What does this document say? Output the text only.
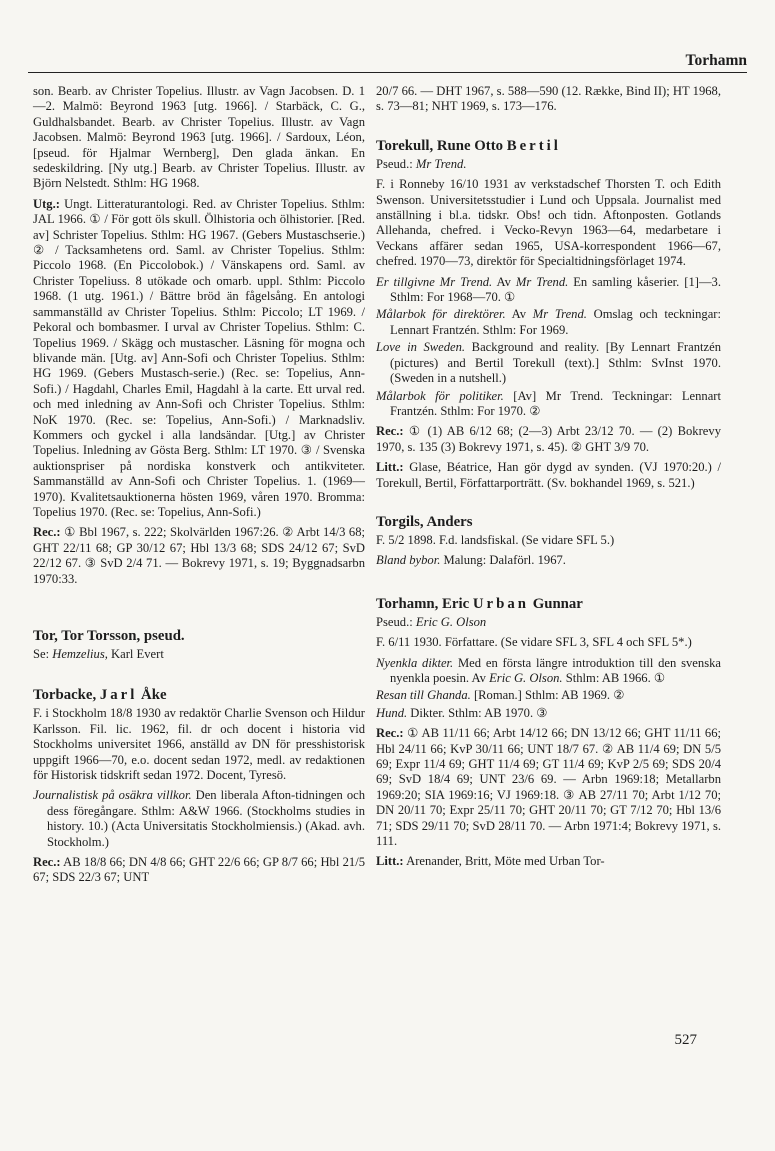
Torhamn

son. Bearb. av Christer Topelius. Illustr. av Vagn Jacobsen. D. 1—2. Malmö: Beyrond 1963 [utg. 1966]. / Starbäck, C. G., Guldhalsbandet. Bearb. av Christer Topelius. Illustr. av Vagn Jacobsen. Malmö: Beyrond 1963 [utg. 1966]. / Sardoux, Léon, [pseud. för Hjalmar Wernberg], Den glada änkan. En sedeskildring. [Ny utg.] Bearb. av Christer Topelius. Illustr. av Björn Nelstedt. Sthlm: HG 1968.

Utg.: Ungt. Litteraturantologi. Red. av Christer Topelius. Sthlm: JAL 1966. ① / För gott öls skull. Ölhistoria och ölhistorier. [Red. av] Schrister Topelius. Sthlm: HG 1967. (Gebers Mustaschserie.) ② / Tacksamhetens ord. Saml. av Christer Topelius. Sthlm: Piccolo 1968. (En Piccolobok.) / Vänskapens ord. Saml. av Christer Topeliuss. 8 utökade och omarb. uppl. Sthlm: Piccolo 1968. (1 utg. 1961.) / Bättre bröd än fågelsång. En antologi sammanställd av Christer Topelius. Sthlm: Piccolo; LT 1969. / Pekoral och bombasmer. I urval av Christer Topelius. Sthlm: C. Topelius 1969. / Skägg och mustascher. Läsning för mogna och blivande män. [Utg. av] Ann-Sofi och Christer Topelius. Sthlm: HG 1969. (Gebers Mustasch-serie.) (Rec. se: Topelius, Ann-Sofi.) / Hagdahl, Charles Emil, Hagdahl à la carte. Ett urval red. och med inledning av Ann-Sofi och Christer Topelius. Sthlm: NoK 1970. (Rec. se: Topelius, Ann-Sofi.) / Marknadsliv. Kommers och gyckel i alla landsändar. [Utg.] av Christer Topelius. Inledning av Gösta Berg. Sthlm: LT 1970. ③ / Svenska auktionspriser på nordiska konstverk och antikviteter. Sammanställd av Ann-Sofi och Christer Topelius. 1. (1969—1970). Kvalitetsauktionerna hösten 1969, våren 1970. Bromma: Topelius 1970. (Rec. se: Topelius, Ann-Sofi.)

Rec.: ① Bbl 1967, s. 222; Skolvärlden 1967:26. ② Arbt 14/3 68; GHT 22/11 68; GP 30/12 67; Hbl 13/3 68; SDS 24/12 67; SvD 22/12 67. ③ SvD 2/4 71. — Bokrevy 1971, s. 19; Byggnadsarbn 1970:33.

Tor, Tor Torsson, pseud.

Se: Hemzelius, Karl Evert

Torbacke, Jarl Åke

F. i Stockholm 18/8 1930 av redaktör Charlie Svenson och Hildur Karlsson. Fil. lic. 1962, fil. dr och docent i historia vid Stockholms universitet 1966, anställd av DN för presshistorisk uppgift 1966—70, e.o. docent sedan 1972, medl. av redaktionen för Historisk tidskrift sedan 1972. Docent, Tyresö.

Journalistisk på osäkra villkor. Den liberala Afton-tidningen och dess föregångare. Sthlm: A&W 1966. (Stockholms studies in history. 10.) (Acta Universitatis Stockholmiensis.) (Akad. avh. Stockholm.)

Rec.: AB 18/8 66; DN 4/8 66; GHT 22/6 66; GP 8/7 66; Hbl 21/5 67; SDS 22/3 67; UNT

20/7 66. — DHT 1967, s. 588—590 (12. Række, Bind II); HT 1968, s. 73—81; NHT 1969, s. 173—176.

Torekull, Rune Otto Bertil

Pseud.: Mr Trend.

F. i Ronneby 16/10 1931 av verkstadschef Thorsten T. och Edith Swenson. Universitetsstudier i Lund och Uppsala. Journalist med anställning i bl.a. tidskr. Obs! och tidn. Aftonposten. Gotlands Allehanda, chefred. i Vecko-Revyn 1963—64, medarbetare i Veckans affärer sedan 1965, USA-korrespondent 1966—67, chefred. 1970—73, direktör för Specialtidningsförlaget 1974.

Er tillgivne Mr Trend. Av Mr Trend. En samling kåserier. [1]—3. Sthlm: For 1968—70. ①

Målarbok för direktörer. Av Mr Trend. Omslag och teckningar: Lennart Frantzén. Sthlm: For 1969.

Love in Sweden. Background and reality. [By Lennart Frantzén (pictures) and Bertil Torekull (text).] Sthlm: SvInst 1970. (Sweden in a nutshell.)

Målarbok för politiker. [Av] Mr Trend. Teckningar: Lennart Frantzén. Sthlm: For 1970. ②

Rec.: ① (1) AB 6/12 68; (2—3) Arbt 23/12 70. — (2) Bokrevy 1970, s. 135 (3) Bokrevy 1971, s. 45). ② GHT 3/9 70.

Litt.: Glase, Béatrice, Han gör dygd av synden. (VJ 1970:20.) / Torekull, Bertil, Författarporträtt. (Sv. bokhandel 1969, s. 521.)

Torgils, Anders

F. 5/2 1898. F.d. landsfiskal. (Se vidare SFL 5.)

Bland bybor. Malung: Dalaförl. 1967.

Torhamn, Eric Urban Gunnar

Pseud.: Eric G. Olson

F. 6/11 1930. Författare. (Se vidare SFL 3, SFL 4 och SFL 5*.)

Nyenkla dikter. Med en första längre introduktion till den svenska nyenkla poesin. Av Eric G. Olson. Sthlm: AB 1966. ①

Resan till Ghanda. [Roman.] Sthlm: AB 1969. ②

Hund. Dikter. Sthlm: AB 1970. ③

Rec.: ① AB 11/11 66; Arbt 14/12 66; DN 13/12 66; GHT 11/11 66; Hbl 24/11 66; KvP 30/11 66; UNT 18/7 67. ② AB 11/4 69; DN 5/5 69; Expr 11/4 69; GHT 11/4 69; GT 11/4 69; KvP 2/5 69; SDS 20/4 69; SvD 18/4 69; UNT 23/6 69. — Arbn 1969:18; Metallarbn 1969:20; SIA 1969:16; VJ 1969:18. ③ AB 27/11 70; Arbt 1/12 70; DN 20/11 70; Expr 25/11 70; GHT 20/11 70; GT 7/12 70; Hbl 13/6 71; SDS 29/11 70; SvD 28/11 70. — Arbn 1971:4; Bokrevy 1971, s. 111.

Litt.: Arenander, Britt, Möte med Urban Tor-

527
